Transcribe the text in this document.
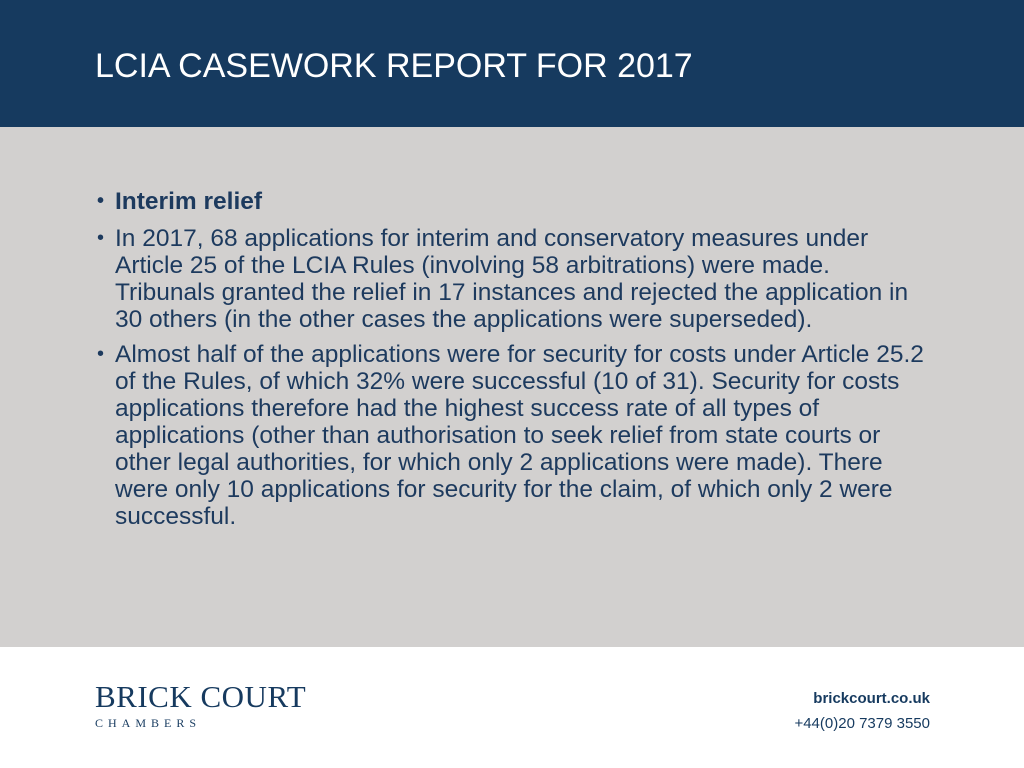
LCIA CASEWORK REPORT FOR 2017
• Interim relief
• In 2017, 68 applications for interim and conservatory measures under Article 25 of the LCIA Rules (involving 58 arbitrations) were made. Tribunals granted the relief in 17 instances and rejected the application in 30 others (in the other cases the applications were superseded).
• Almost half of the applications were for security for costs under Article 25.2 of the Rules, of which 32% were successful (10 of 31). Security for costs applications therefore had the highest success rate of all types of applications (other than authorisation to seek relief from state courts or other legal authorities, for which only 2 applications were made). There were only 10 applications for security for the claim, of which only 2 were successful.
BRICK COURT
CHAMBERS
brickcourt.co.uk
+44(0)20 7379 3550
